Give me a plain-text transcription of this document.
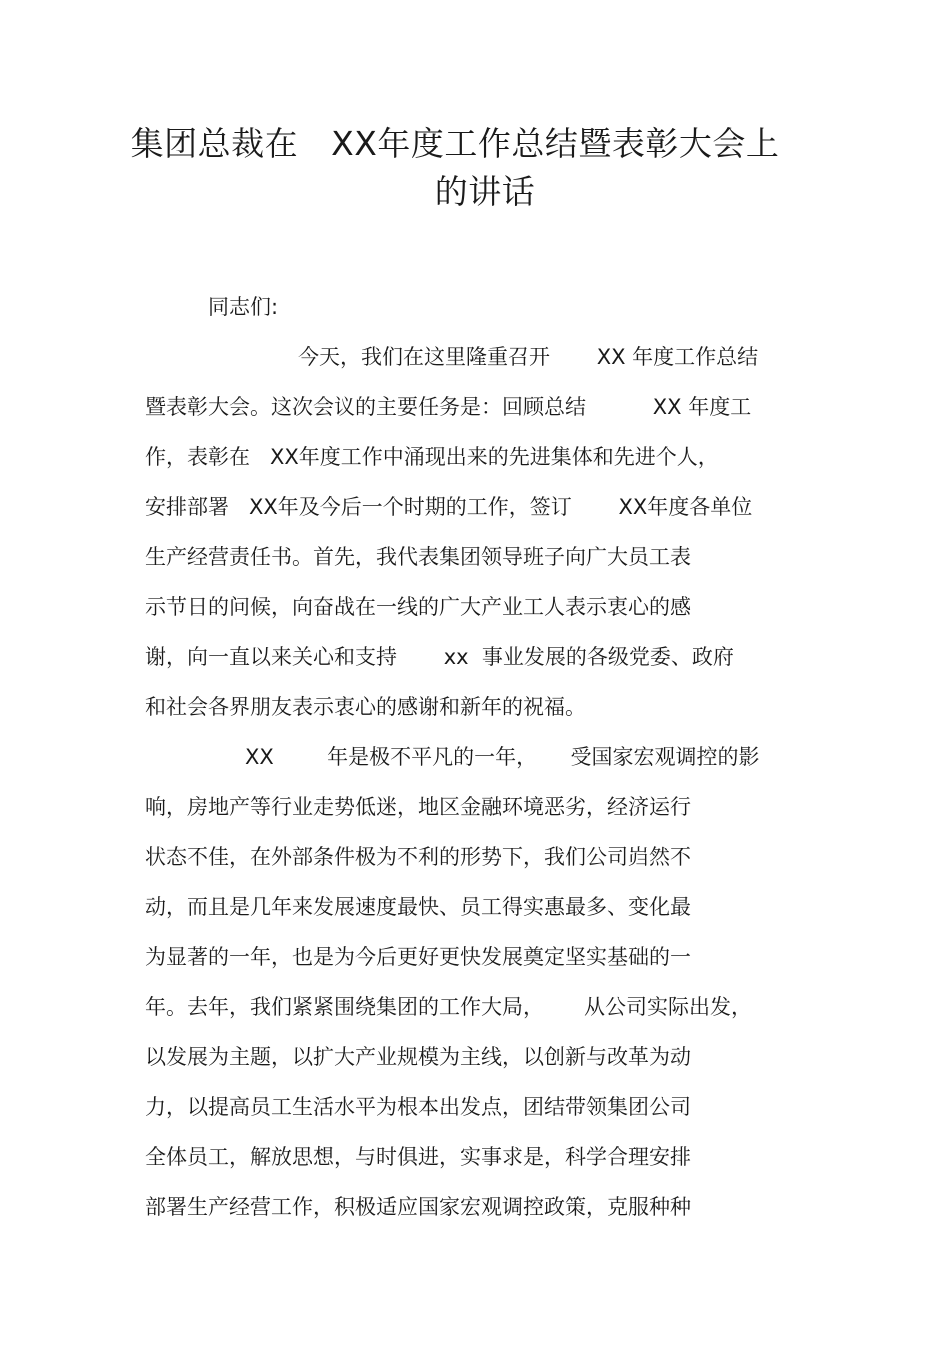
集团总裁在   XX年度工作总结暨表彰大会上
的讲话
同志们:
今天，我们在这里隆重召开       XX 年度工作总结
暨表彰大会。这次会议的主要任务是：回顾总结          XX 年度工
作，表彰在   XX年度工作中涌现出来的先进集体和先进个人，
安排部署   XX年及今后一个时期的工作，签订       XX年度各单位
生产经营责任书。首先，我代表集团领导班子向广大员工表
示节日的问候，向奋战在一线的广大产业工人表示衷心的感
谢，向一直以来关心和支持       xx  事业发展的各级党委、政府
和社会各界朋友表示衷心的感谢和新年的祝福。
XX        年是极不平凡的一年，     受国家宏观调控的影
响，房地产等行业走势低迷，地区金融环境恶劣，经济运行
状态不佳，在外部条件极为不利的形势下，我们公司岿然不
动，而且是几年来发展速度最快、员工得实惠最多、变化最
为显著的一年，也是为今后更好更快发展奠定坚实基础的一
年。去年，我们紧紧围绕集团的工作大局，      从公司实际出发，
以发展为主题，以扩大产业规模为主线，以创新与改革为动
力，以提高员工生活水平为根本出发点，团结带领集团公司
全体员工，解放思想，与时俱进，实事求是，科学合理安排
部署生产经营工作，积极适应国家宏观调控政策，克服种种
